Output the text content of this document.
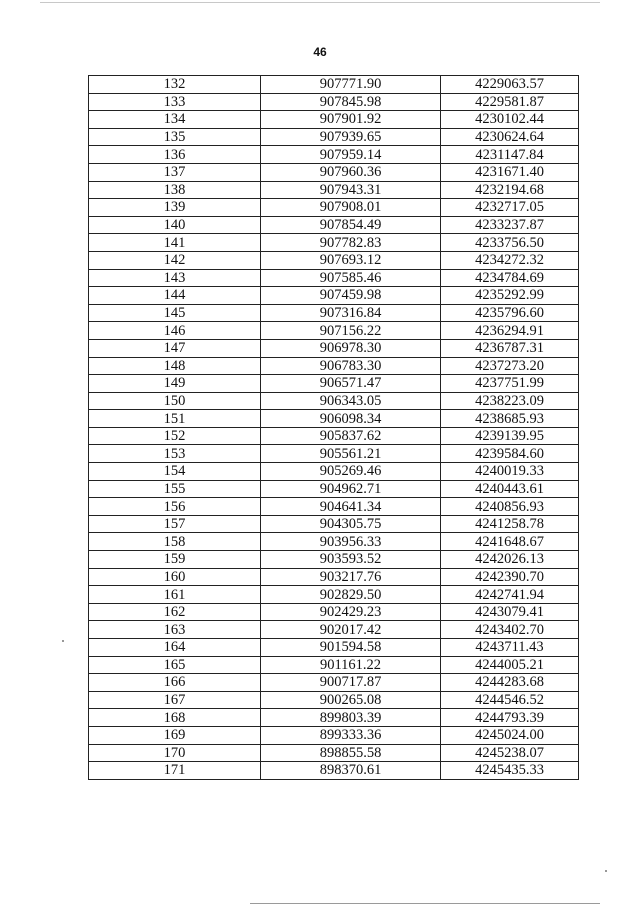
46
132	907771.90	4229063.57
133	907845.98	4229581.87
134	907901.92	4230102.44
135	907939.65	4230624.64
136	907959.14	4231147.84
137	907960.36	4231671.40
138	907943.31	4232194.68
139	907908.01	4232717.05
140	907854.49	4233237.87
141	907782.83	4233756.50
142	907693.12	4234272.32
143	907585.46	4234784.69
144	907459.98	4235292.99
145	907316.84	4235796.60
146	907156.22	4236294.91
147	906978.30	4236787.31
148	906783.30	4237273.20
149	906571.47	4237751.99
150	906343.05	4238223.09
151	906098.34	4238685.93
152	905837.62	4239139.95
153	905561.21	4239584.60
154	905269.46	4240019.33
155	904962.71	4240443.61
156	904641.34	4240856.93
157	904305.75	4241258.78
158	903956.33	4241648.67
159	903593.52	4242026.13
160	903217.76	4242390.70
161	902829.50	4242741.94
162	902429.23	4243079.41
163	902017.42	4243402.70
164	901594.58	4243711.43
165	901161.22	4244005.21
166	900717.87	4244283.68
167	900265.08	4244546.52
168	899803.39	4244793.39
169	899333.36	4245024.00
170	898855.58	4245238.07
171	898370.61	4245435.33
